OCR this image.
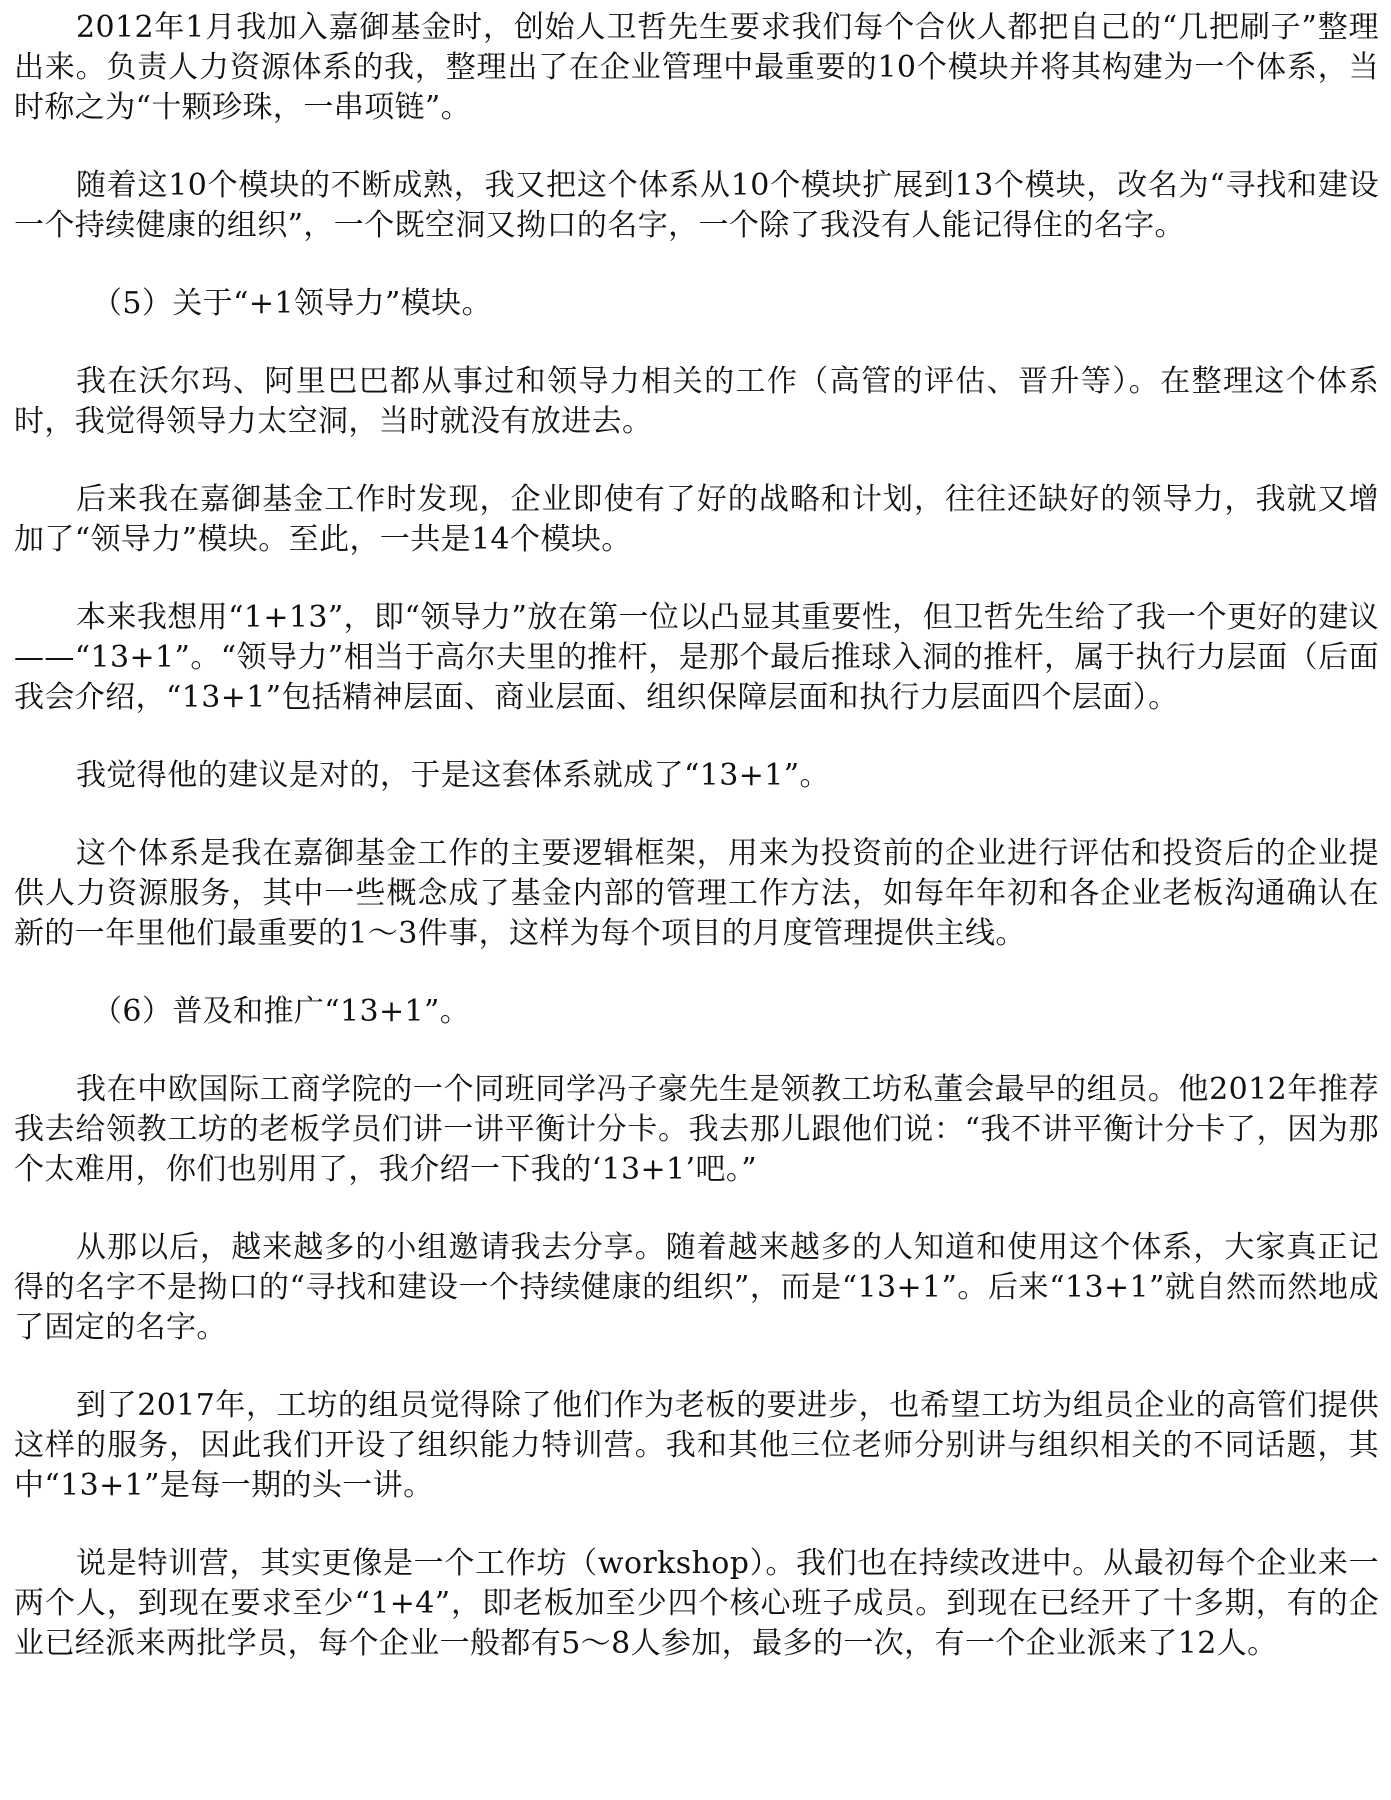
2012年1月我加入嘉御基金时，创始人卫哲先生要求我们每个合伙人都把自己的“几把刷子”整理出来。负责人力资源体系的我，整理出了在企业管理中最重要的10个模块并将其构建为一个体系，当时称之为“十颗珍珠，一串项链”。

随着这10个模块的不断成熟，我又把这个体系从10个模块扩展到13个模块，改名为“寻找和建设一个持续健康的组织”，一个既空洞又拗口的名字，一个除了我没有人能记得住的名字。

（5）关于“+1领导力”模块。

我在沃尔玛、阿里巴巴都从事过和领导力相关的工作（高管的评估、晋升等）。在整理这个体系时，我觉得领导力太空洞，当时就没有放进去。

后来我在嘉御基金工作时发现，企业即使有了好的战略和计划，往往还缺好的领导力，我就又增加了“领导力”模块。至此，一共是14个模块。

本来我想用“1+13”，即“领导力”放在第一位以凸显其重要性，但卫哲先生给了我一个更好的建议——“13+1”。“领导力”相当于高尔夫里的推杆，是那个最后推球入洞的推杆，属于执行力层面（后面我会介绍，“13+1”包括精神层面、商业层面、组织保障层面和执行力层面四个层面）。

我觉得他的建议是对的，于是这套体系就成了“13+1”。

这个体系是我在嘉御基金工作的主要逻辑框架，用来为投资前的企业进行评估和投资后的企业提供人力资源服务，其中一些概念成了基金内部的管理工作方法，如每年年初和各企业老板沟通确认在新的一年里他们最重要的1～3件事，这样为每个项目的月度管理提供主线。

（6）普及和推广“13+1”。

我在中欧国际工商学院的一个同班同学冯子豪先生是领教工坊私董会最早的组员。他2012年推荐我去给领教工坊的老板学员们讲一讲平衡计分卡。我去那儿跟他们说：“我不讲平衡计分卡了，因为那个太难用，你们也别用了，我介绍一下我的‘13+1’吧。”

从那以后，越来越多的小组邀请我去分享。随着越来越多的人知道和使用这个体系，大家真正记得的名字不是拗口的“寻找和建设一个持续健康的组织”，而是“13+1”。后来“13+1”就自然而然地成了固定的名字。

到了2017年，工坊的组员觉得除了他们作为老板的要进步，也希望工坊为组员企业的高管们提供这样的服务，因此我们开设了组织能力特训营。我和其他三位老师分别讲与组织相关的不同话题，其中“13+1”是每一期的头一讲。

说是特训营，其实更像是一个工作坊（workshop）。我们也在持续改进中。从最初每个企业来一两个人，到现在要求至少“1+4”，即老板加至少四个核心班子成员。到现在已经开了十多期，有的企业已经派来两批学员，每个企业一般都有5～8人参加，最多的一次，有一个企业派来了12人。
